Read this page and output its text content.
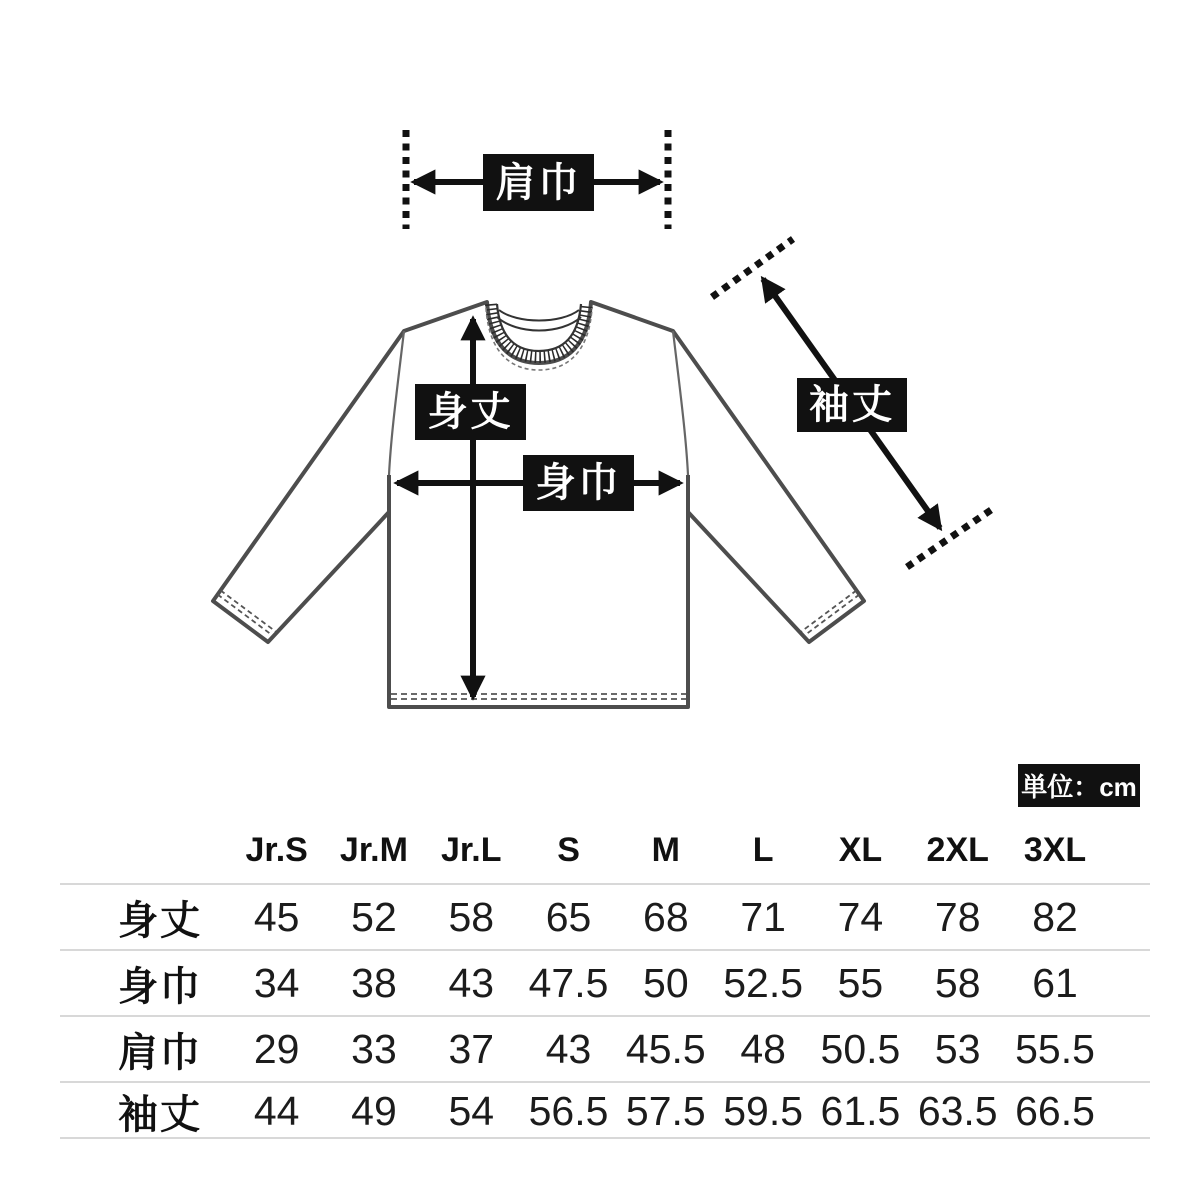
肩巾
袖丈
身丈
身巾
単位：cm
Jr.S Jr.M Jr.L	S	M	L	XL	2XL	3XL
身丈	45	52	58	65	68	71	74	78	82
身巾	34	38	43 47.5 50 52.5 55	58	61
肩巾	29	33	37	43 45.5 48 50.5 53 55.5
袖丈	44	49	54 56.5 57.5 59.5 61.5 63.5 66.5
